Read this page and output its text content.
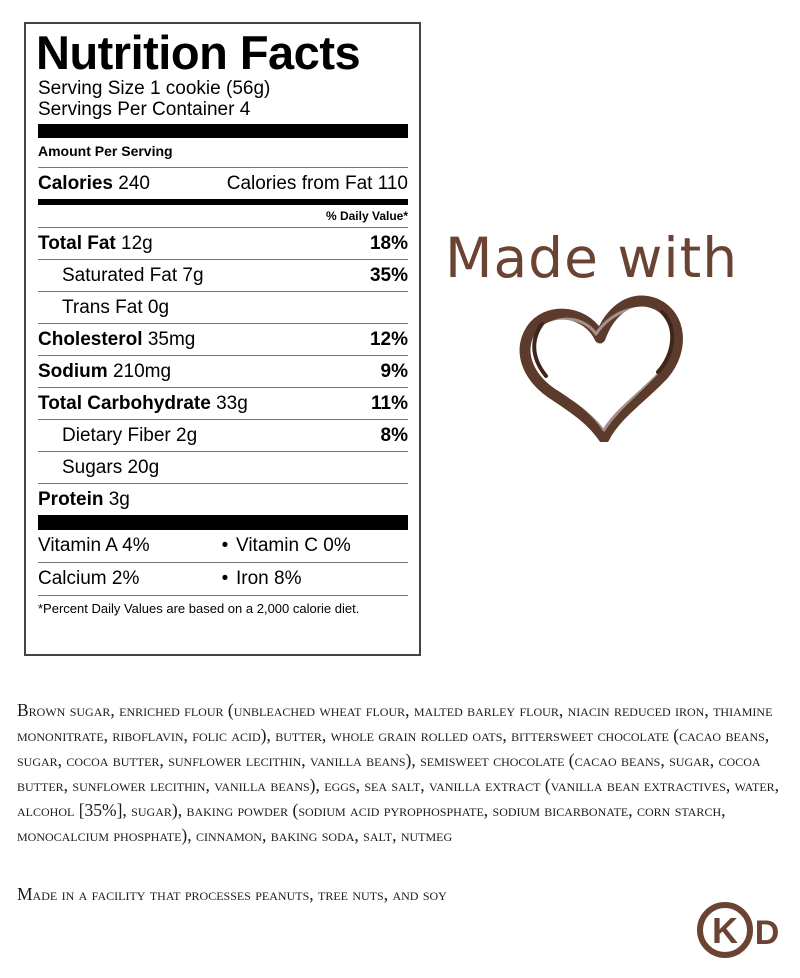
Nutrition Facts
Serving Size 1 cookie (56g)
Servings Per Container 4
Amount Per Serving
Calories 240	Calories from Fat 110
% Daily Value*
Total Fat 12g	18%
Saturated Fat 7g	35%
Trans Fat 0g
Cholesterol 35mg	12%
Sodium 210mg	9%
Total Carbohydrate 33g	11%
Dietary Fiber 2g	8%
Sugars 20g
Protein 3g
Vitamin A 4%	• Vitamin C 0%
Calcium 2%	• Iron 8%
*Percent Daily Values are based on a 2,000 calorie diet.
Made with
Brown sugar, enriched flour (unbleached wheat flour, malted barley flour, niacin reduced iron, thiamine mononitrate, riboflavin, folic acid), butter, whole grain rolled oats, bittersweet chocolate (cacao beans, sugar, cocoa butter, sunflower lecithin, vanilla beans), semisweet chocolate (cacao beans, sugar, cocoa butter, sunflower lecithin, vanilla beans), eggs, sea salt, vanilla extract (vanilla bean extractives, water, alcohol [35%], sugar), baking powder (sodium acid pyrophosphate, sodium bicarbonate, corn starch, monocalcium phosphate), cinnamon, baking soda, salt, nutmeg
Made in a facility that processes peanuts, tree nuts, and soy
K D
